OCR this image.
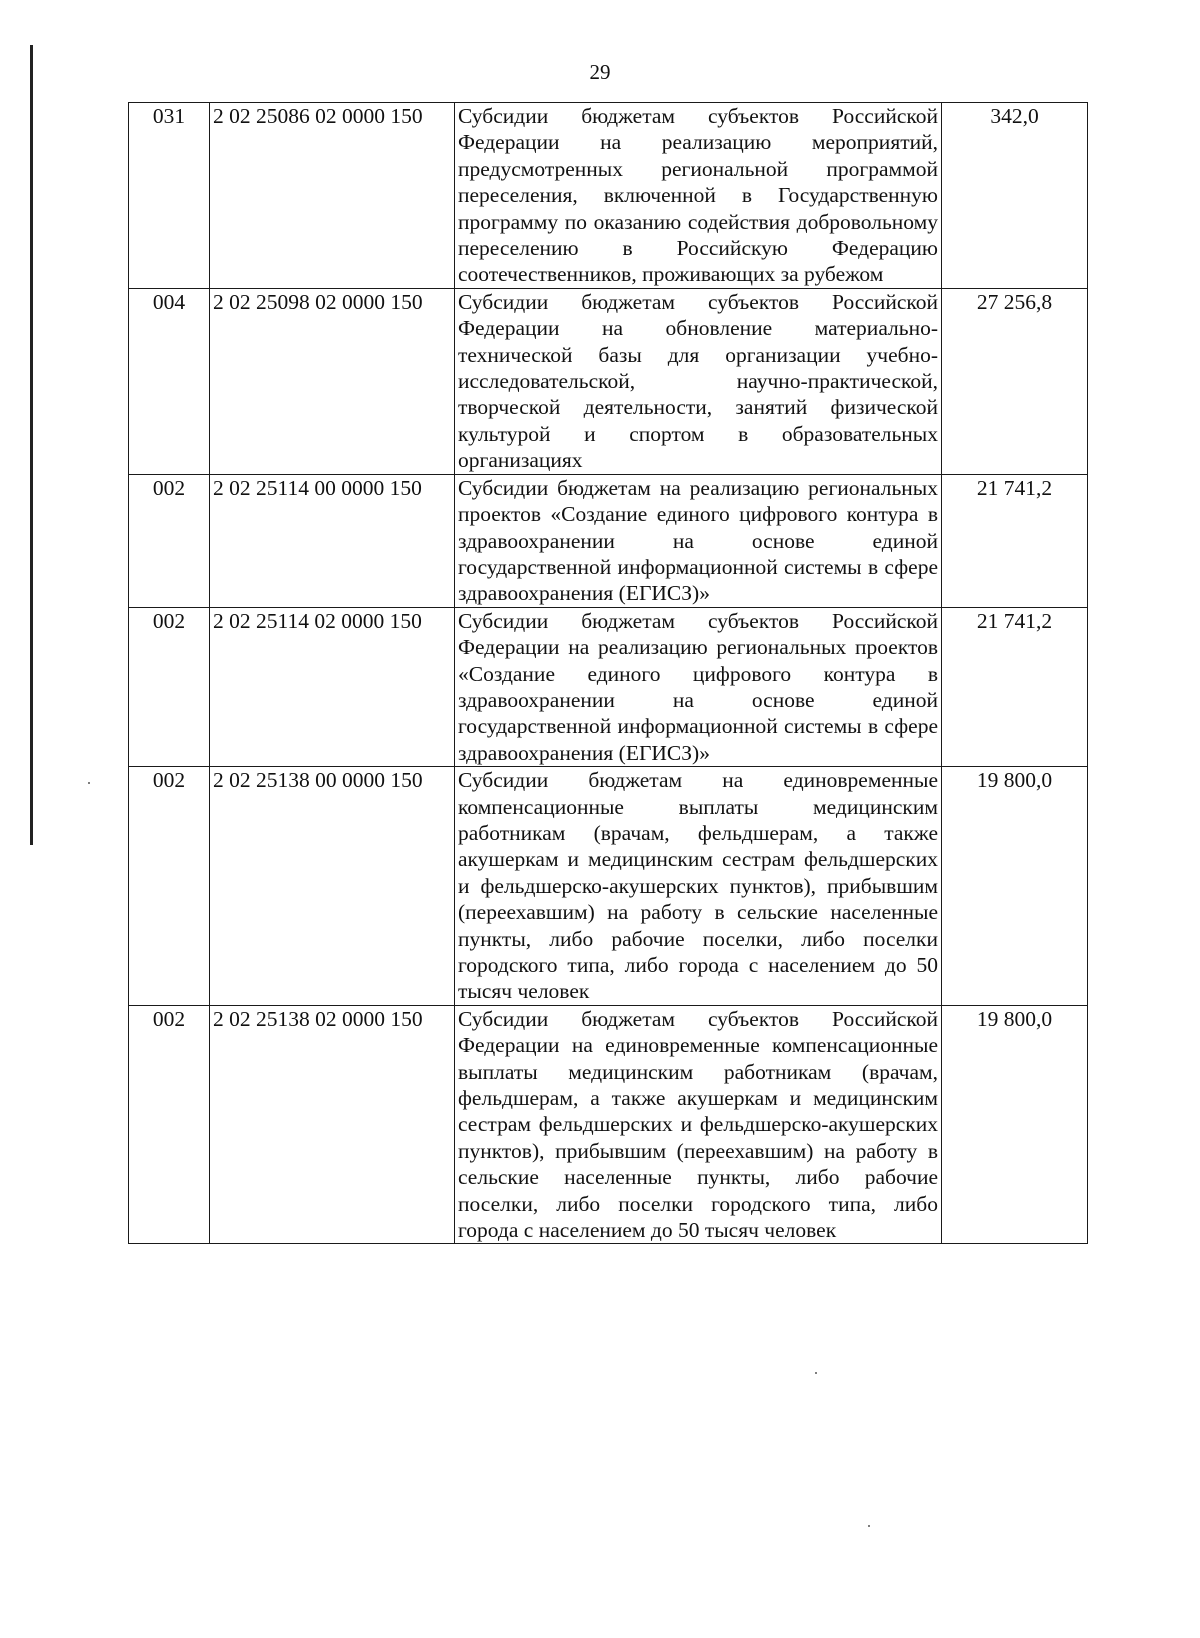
29
031	2 02 25086 02 0000 150	Субсидии бюджетам субъектов Российской Федерации на реализацию мероприятий, предусмотренных региональной программой переселения, включенной в Государственную программу по оказанию содействия добровольному переселению в Российскую Федерацию соотечественников, проживающих за рубежом	342,0
004	2 02 25098 02 0000 150	Субсидии бюджетам субъектов Российской Федерации на обновление материально-технической базы для организации учебно-исследовательской, научно-практической, творческой деятельности, занятий физической культурой и спортом в образовательных организациях	27 256,8
002	2 02 25114 00 0000 150	Субсидии бюджетам на реализацию региональных проектов «Создание единого цифрового контура в здравоохранении на основе единой государственной информационной системы в сфере здравоохранения (ЕГИСЗ)»	21 741,2
002	2 02 25114 02 0000 150	Субсидии бюджетам субъектов Российской Федерации на реализацию региональных проектов «Создание единого цифрового контура в здравоохранении на основе единой государственной информационной системы в сфере здравоохранения (ЕГИСЗ)»	21 741,2
002	2 02 25138 00 0000 150	Субсидии бюджетам на единовременные компенсационные выплаты медицинским работникам (врачам, фельдшерам, а также акушеркам и медицинским сестрам фельдшерских и фельдшерско-акушерских пунктов), прибывшим (переехавшим) на работу в сельские населенные пункты, либо рабочие поселки, либо поселки городского типа, либо города с населением до 50 тысяч человек	19 800,0
002	2 02 25138 02 0000 150	Субсидии бюджетам субъектов Российской Федерации на единовременные компенсационные выплаты медицинским работникам (врачам, фельдшерам, а также акушеркам и медицинским сестрам фельдшерских и фельдшерско-акушерских пунктов), прибывшим (переехавшим) на работу в сельские населенные пункты, либо рабочие поселки, либо поселки городского типа, либо города с населением до 50 тысяч человек	19 800,0
